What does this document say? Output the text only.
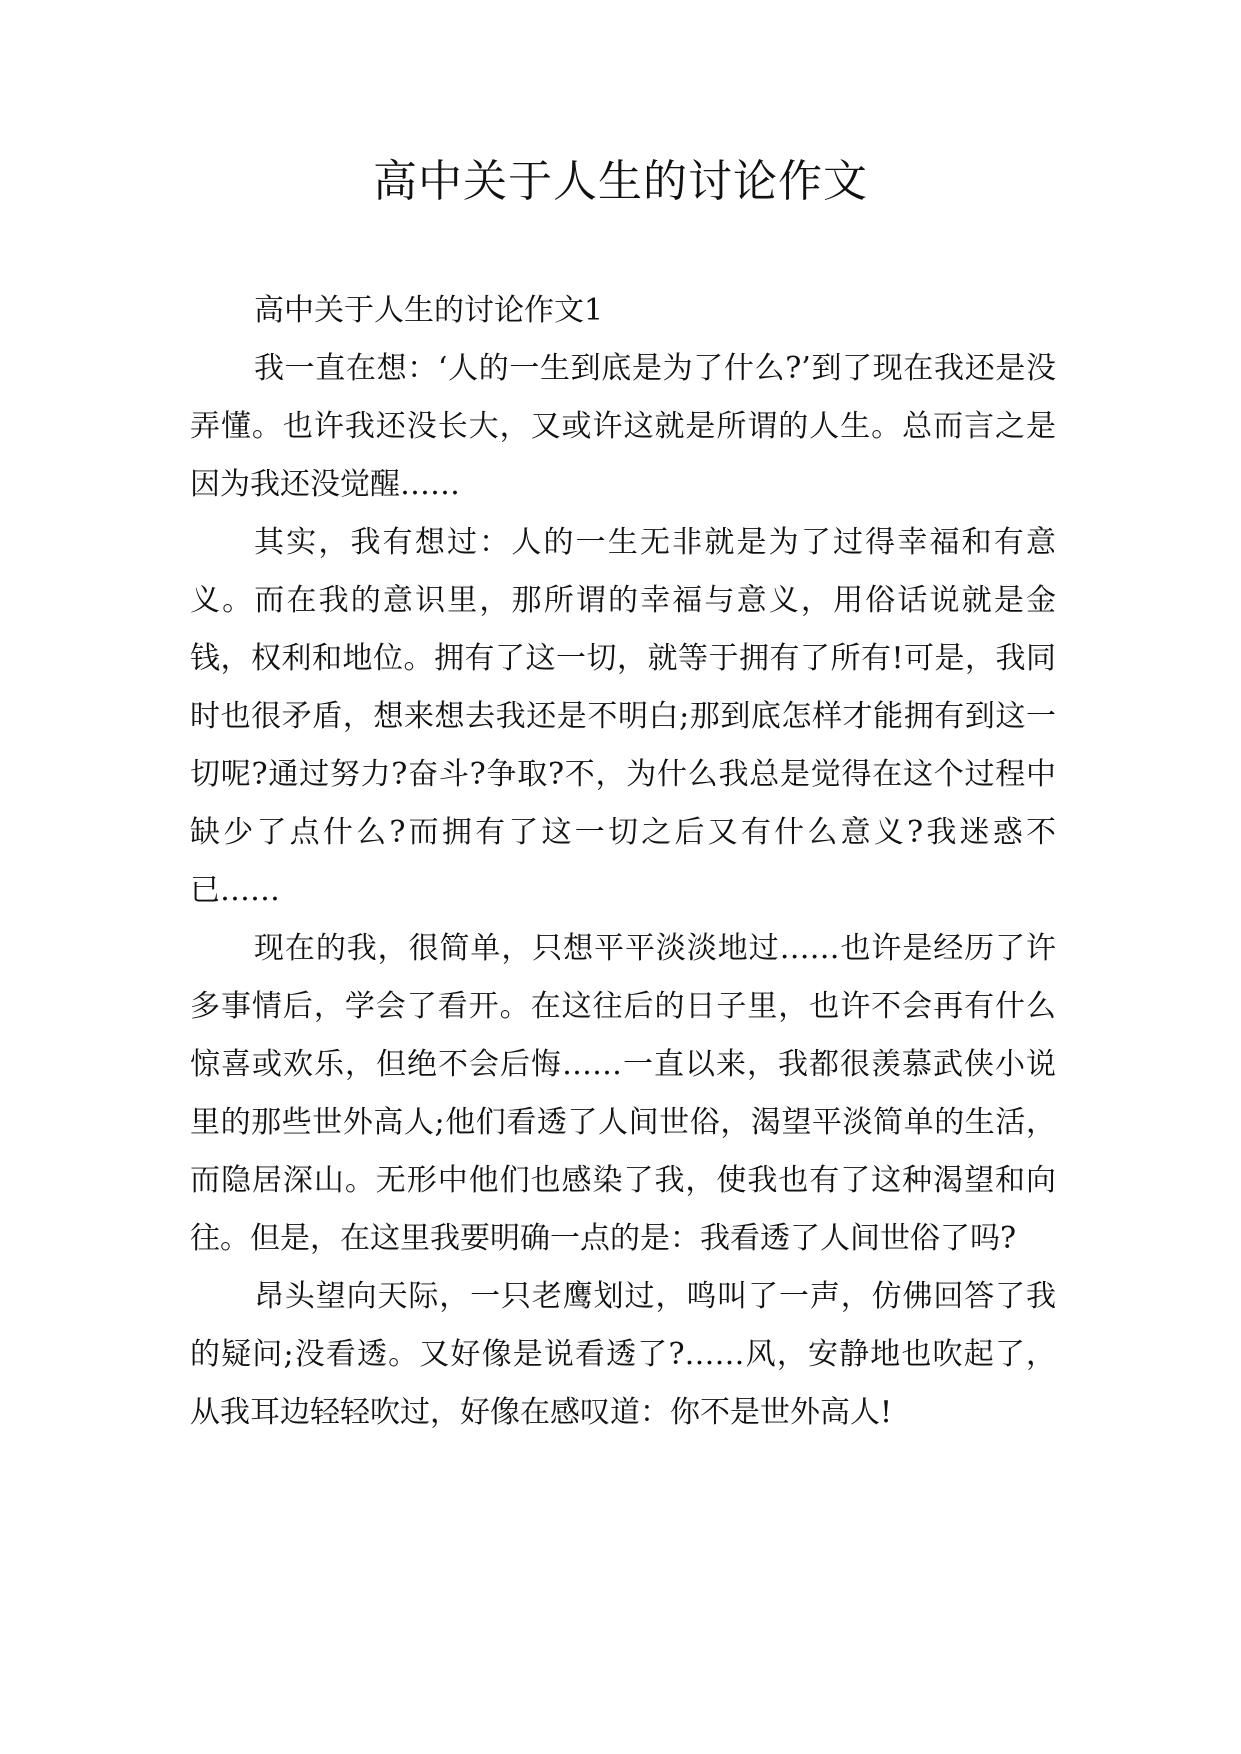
高中关于人生的讨论作文

高中关于人生的讨论作文1

我一直在想：‘人的一生到底是为了什么?’到了现在我还是没弄懂。也许我还没长大，又或许这就是所谓的人生。总而言之是因为我还没觉醒……

其实，我有想过：人的一生无非就是为了过得幸福和有意义。而在我的意识里，那所谓的幸福与意义，用俗话说就是金钱，权利和地位。拥有了这一切，就等于拥有了所有!可是，我同时也很矛盾，想来想去我还是不明白;那到底怎样才能拥有到这一切呢?通过努力?奋斗?争取?不，为什么我总是觉得在这个过程中缺少了点什么?而拥有了这一切之后又有什么意义?我迷惑不已……

现在的我，很简单，只想平平淡淡地过……也许是经历了许多事情后，学会了看开。在这往后的日子里，也许不会再有什么惊喜或欢乐，但绝不会后悔……一直以来，我都很羡慕武侠小说里的那些世外高人;他们看透了人间世俗，渴望平淡简单的生活，而隐居深山。无形中他们也感染了我，使我也有了这种渴望和向往。但是，在这里我要明确一点的是：我看透了人间世俗了吗?

昂头望向天际，一只老鹰划过，鸣叫了一声，仿佛回答了我的疑问;没看透。又好像是说看透了?……风，安静地也吹起了，从我耳边轻轻吹过，好像在感叹道：你不是世外高人!
